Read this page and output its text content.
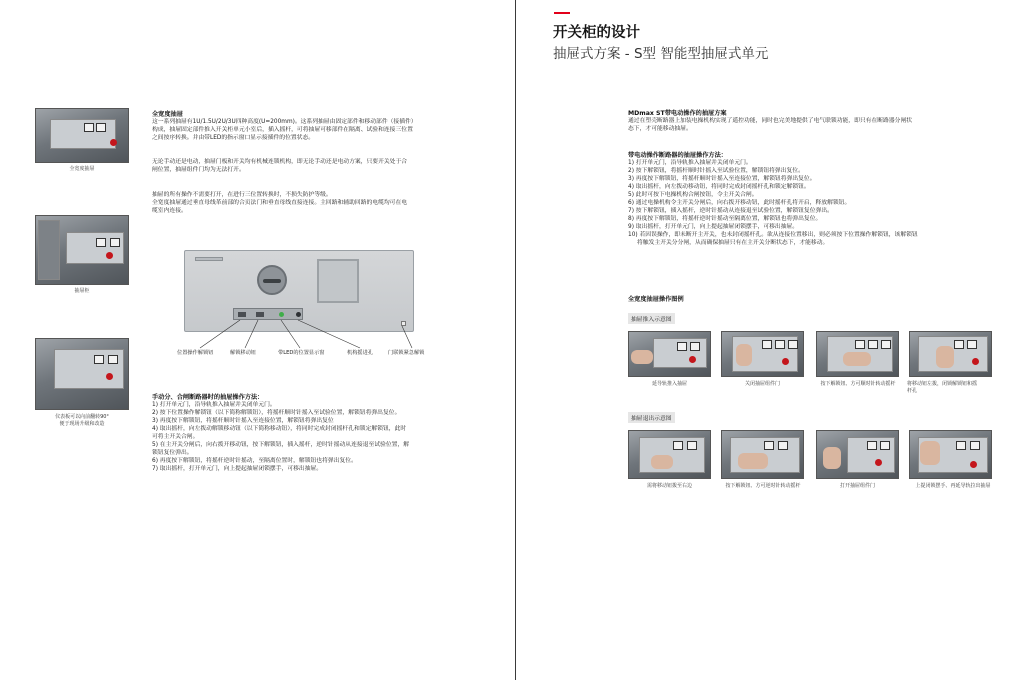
全宽度抽屉
抽屉柜
仪表板可以向前翻转90°
便于现场升级和改造
全宽度抽屉
这一系列抽屉有1U/1.5U/2U/3U四种高度(U=200mm)。这系列抽屉由固定部件和移动部件（接插件）
构成，抽屉固定部件推入开关柜单元小室后，插入摇杆，可将抽屉可移部件在隔离、试验和连接三位置
之间按序转换。并由带LED的指示窗口显示接插件的位置状态。
无论手动还是电动，抽屉门板和开关均有机械连锁机构，即无论手动还是电动方案，只要开关处于合
闸位置，抽屉组件门均为无法打开。
抽屉的所有操作不需要打开，在进行三位置转换时，不损失防护等级。
全宽度抽屉通过垂直母线革前部的合页法门和垂直母线直接连接。主回路和辅助回路的电缆均可在电
缆室内连接。
位置操作解锁钮	解锁移动钮	带LED的位置显示窗	机构摇进孔	门联锁紧急解锁
手动分、合闸断路器时的抽屉操作方法：
1) 打开单元门，沿导轨推入抽屉并关闭单元门。
2) 按下位置操作解锁钮（以下简称解锁钮），将摇杆顺时针摇入至试验位置，解锁钮将弹出复位。
3) 再度按下解锁钮，将摇杆顺时针摇入至连接位置，解锁钮将弹出复位
4) 取出摇杆，向左拨动解锁移动钮（以下简称移动钮），将同时完成封闭摇杆孔和锁定解锁钮，此时
可将主开关合闸。
5) 在主开关分闸后，向右拨开移动钮，按下解锁钮，插入摇杆，逆时针摇动从连接退至试验位置，解
锁钮复位弹出。
6) 再度按下解锁钮，将摇杆逆时针摇动，至隔离位置时，解锁钮也将弹出复位。
7) 取出摇杆，打开单元门，向上提起抽屉闭锁摆手，可移出抽屉。
开关柜的设计
抽屉式方案 - S型 智能型抽屉式单元
MDmax ST带电动操作的抽屉方案
通过在塑壳断路器上加装电操机构实现了遥控功能，同时也完美地提供了电气联锁功能，即只有在断路器分闸状
态下，才可能移动抽屉。
带电动操作断路器的抽屉操作方法：
1) 打开单元门，沿导轨推入抽屉并关闭单元门。
2) 按下解锁钮，将摇杆顺时针摇入至试验位置，解锁钮将弹出复位。
3) 再度按下解锁钮，将摇杆顺时针摇入至连接位置，解锁钮将弹出复位。
4) 取出摇杆，向左拨动移动钮，将同时完成封闭摇杆孔和锁定解锁钮。
5) 此时可按下电操机构合闸按钮，令主开关合闸。
6) 通过电操机构令主开关分闸后，向右拨开移动钮，此时摇杆孔将开启，释放解锁钮。
7) 按下解锁钮，插入摇杆，逆时针摇动从连接退至试验位置，解锁钮复位弹出。
8) 再度按下解锁钮，将摇杆逆时针摇动至隔离位置，解锁钮也将弹出复位。
9) 取出摇杆，打开单元门，向上提起抽屉闭锁摆手，可移出抽屉。
10) 若因误操作，即未断开主开关，也未封闭摇杆孔。欲从连接位置移出，则必须按下位置操作解锁钮，该解锁钮
将触发主开关分分闸，从而确保抽屉只有在主开关分断状态下，才能移动。
全宽度抽屉操作图例
抽屉推入示意图
延导轨推入抽屉	关闭抽屉组件门	按下解锁钮、方可顺时针转动摇杆	将移动钮左拨，闭锁解锁钮和摇
杆孔
抽屉退出示意图
需将移动钮拨至右边	按下解锁钮、方可逆时针转动摇杆	打开抽屉组件门	上提闭锁摆手、再延导轨拉出抽屉
